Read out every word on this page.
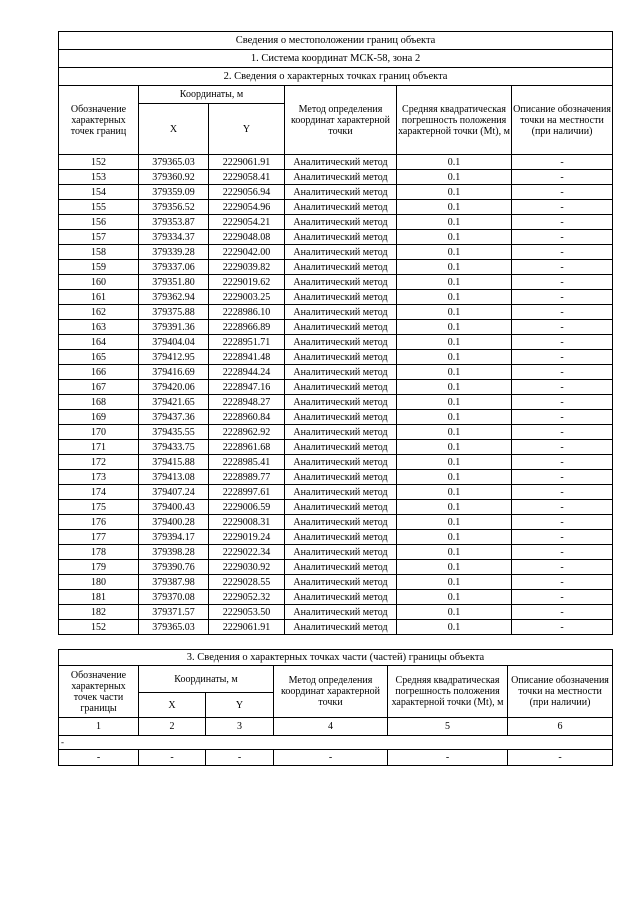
Сведения о местоположении границ объекта					
1. Система координат МСК-58, зона 2					
2. Сведения о характерных точках границ объекта					
Обозначение характерных точек границ	Координаты, м		Метод определения координат характерной точки	Средняя квадратическая погрешность положения характерной точки (Mt), м	Описание обозначения точки на местности (при наличии)
	X	Y			
152	379365.03	2229061.91	Аналитический метод	0.1	-
153	379360.92	2229058.41	Аналитический метод	0.1	-
154	379359.09	2229056.94	Аналитический метод	0.1	-
155	379356.52	2229054.96	Аналитический метод	0.1	-
156	379353.87	2229054.21	Аналитический метод	0.1	-
157	379334.37	2229048.08	Аналитический метод	0.1	-
158	379339.28	2229042.00	Аналитический метод	0.1	-
159	379337.06	2229039.82	Аналитический метод	0.1	-
160	379351.80	2229019.62	Аналитический метод	0.1	-
161	379362.94	2229003.25	Аналитический метод	0.1	-
162	379375.88	2228986.10	Аналитический метод	0.1	-
163	379391.36	2228966.89	Аналитический метод	0.1	-
164	379404.04	2228951.71	Аналитический метод	0.1	-
165	379412.95	2228941.48	Аналитический метод	0.1	-
166	379416.69	2228944.24	Аналитический метод	0.1	-
167	379420.06	2228947.16	Аналитический метод	0.1	-
168	379421.65	2228948.27	Аналитический метод	0.1	-
169	379437.36	2228960.84	Аналитический метод	0.1	-
170	379435.55	2228962.92	Аналитический метод	0.1	-
171	379433.75	2228961.68	Аналитический метод	0.1	-
172	379415.88	2228985.41	Аналитический метод	0.1	-
173	379413.08	2228989.77	Аналитический метод	0.1	-
174	379407.24	2228997.61	Аналитический метод	0.1	-
175	379400.43	2229006.59	Аналитический метод	0.1	-
176	379400.28	2229008.31	Аналитический метод	0.1	-
177	379394.17	2229019.24	Аналитический метод	0.1	-
178	379398.28	2229022.34	Аналитический метод	0.1	-
179	379390.76	2229030.92	Аналитический метод	0.1	-
180	379387.98	2229028.55	Аналитический метод	0.1	-
181	379370.08	2229052.32	Аналитический метод	0.1	-
182	379371.57	2229053.50	Аналитический метод	0.1	-
152	379365.03	2229061.91	Аналитический метод	0.1	-
3. Сведения о характерных точках части (частей) границы объекта					
Обозначение характерных точек части границы	Координаты, м		Метод определения координат характерной точки	Средняя квадратическая погрешность положения характерной точки (Mt), м	Описание обозначения точки на местности (при наличии)
	X	Y			
1	2	3	4	5	6
-					
-	-	-	-	-	-
